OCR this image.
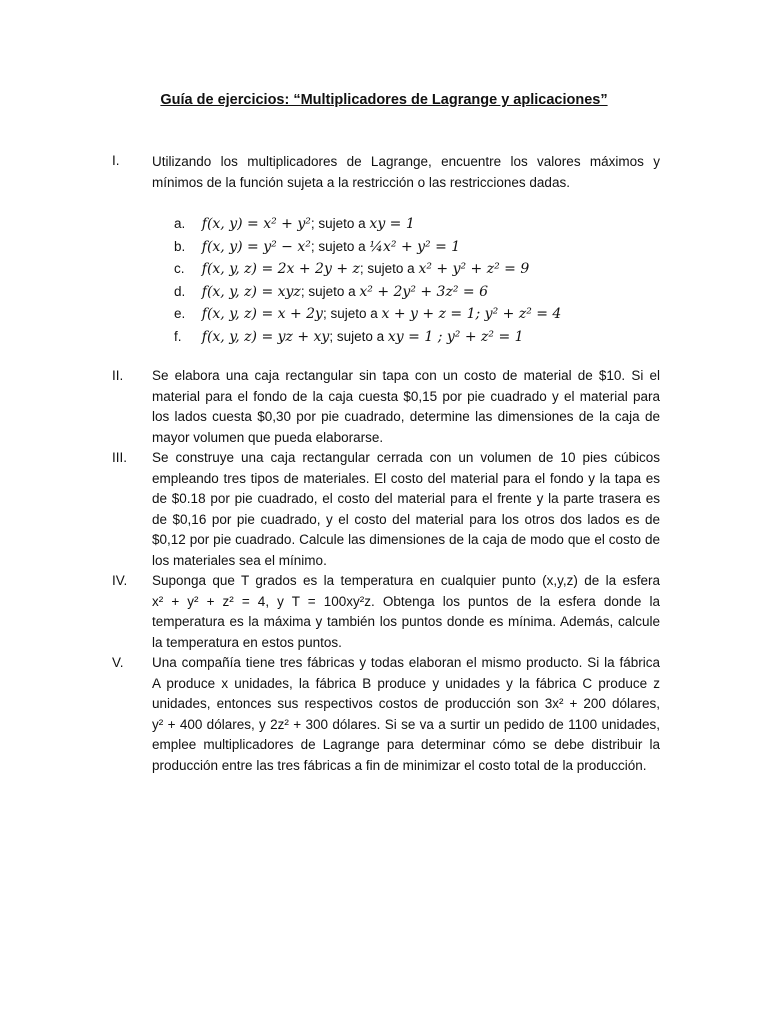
Guía de ejercicios: “Multiplicadores de Lagrange y aplicaciones”
I.	Utilizando los multiplicadores de Lagrange, encuentre los valores máximos y
mínimos de la función sujeta a la restricción o las restricciones dadas.
a. f(x, y) = x² + y²; sujeto a xy = 1
b. f(x, y) = y² − x²; sujeto a ¼x² + y² = 1
c. f(x, y, z) = 2x + 2y + z; sujeto a x² + y² + z² = 9
d. f(x, y, z) = xyz; sujeto a x² + 2y² + 3z² = 6
e. f(x, y, z) = x + 2y; sujeto a x + y + z = 1; y² + z² = 4
f. f(x, y, z) = yz + xy; sujeto a xy = 1 ; y² + z² = 1
II.	Se elabora una caja rectangular sin tapa con un costo de material de $10. Si el
material para el fondo de la caja cuesta $0,15 por pie cuadrado y el material para
los lados cuesta $0,30 por pie cuadrado, determine las dimensiones de la caja de
mayor volumen que pueda elaborarse.
III.	Se construye una caja rectangular cerrada con un volumen de 10 pies cúbicos
empleando tres tipos de materiales. El costo del material para el fondo y la tapa es
de $0.18 por pie cuadrado, el costo del material para el frente y la parte trasera es
de $0,16 por pie cuadrado, y el costo del material para los otros dos lados es de
$0,12 por pie cuadrado. Calcule las dimensiones de la caja de modo que el costo de
los materiales sea el mínimo.
IV.	Suponga que T grados es la temperatura en cualquier punto (x,y,z) de la esfera
x² + y² + z² = 4, y T = 100xy²z. Obtenga los puntos de la esfera donde la
temperatura es la máxima y también los puntos donde es mínima. Además, calcule
la temperatura en estos puntos.
V.	Una compañía tiene tres fábricas y todas elaboran el mismo producto. Si la fábrica
A produce x unidades, la fábrica B produce y unidades y la fábrica C produce z
unidades, entonces sus respectivos costos de producción son 3x² + 200 dólares,
y² + 400 dólares, y 2z² + 300 dólares. Si se va a surtir un pedido de 1100 unidades,
emplee multiplicadores de Lagrange para determinar cómo se debe distribuir la
producción entre las tres fábricas a fin de minimizar el costo total de la producción.
